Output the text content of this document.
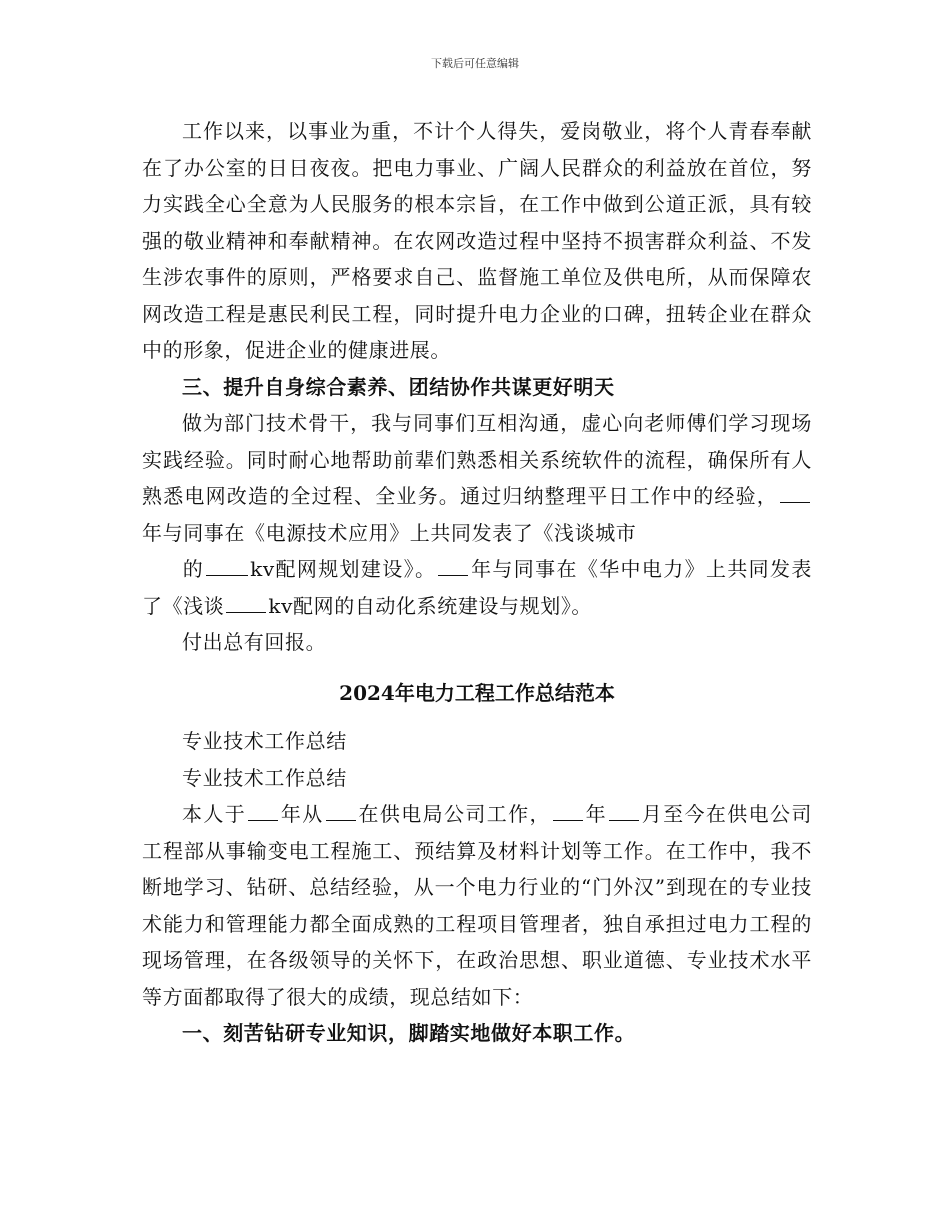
下载后可任意编辑

工作以来，以事业为重，不计个人得失，爱岗敬业，将个人青春奉献在了办公室的日日夜夜。把电力事业、广阔人民群众的利益放在首位，努力实践全心全意为人民服务的根本宗旨，在工作中做到公道正派，具有较强的敬业精神和奉献精神。在农网改造过程中坚持不损害群众利益、不发生涉农事件的原则，严格要求自己、监督施工单位及供电所，从而保障农网改造工程是惠民利民工程，同时提升电力企业的口碑，扭转企业在群众中的形象，促进企业的健康进展。

三、提升自身综合素养、团结协作共谋更好明天

做为部门技术骨干，我与同事们互相沟通，虚心向老师傅们学习现场实践经验。同时耐心地帮助前辈们熟悉相关系统软件的流程，确保所有人熟悉电网改造的全过程、全业务。通过归纳整理平日工作中的经验，年与同事在《电源技术应用》上共同发表了《浅谈城市

的 kv配网规划建设》。 年与同事在《华中电力》上共同发表了《浅谈 kv配网的自动化系统建设与规划》。

付出总有回报。

2024年电力工程工作总结范本

专业技术工作总结

专业技术工作总结

本人于 年从 在供电局公司工作， 年 月至今在供电公司工程部从事输变电工程施工、预结算及材料计划等工作。在工作中，我不断地学习、钻研、总结经验，从一个电力行业的“门外汉”到现在的专业技术能力和管理能力都全面成熟的工程项目管理者，独自承担过电力工程的现场管理，在各级领导的关怀下，在政治思想、职业道德、专业技术水平等方面都取得了很大的成绩，现总结如下：

一、刻苦钻研专业知识，脚踏实地做好本职工作。
